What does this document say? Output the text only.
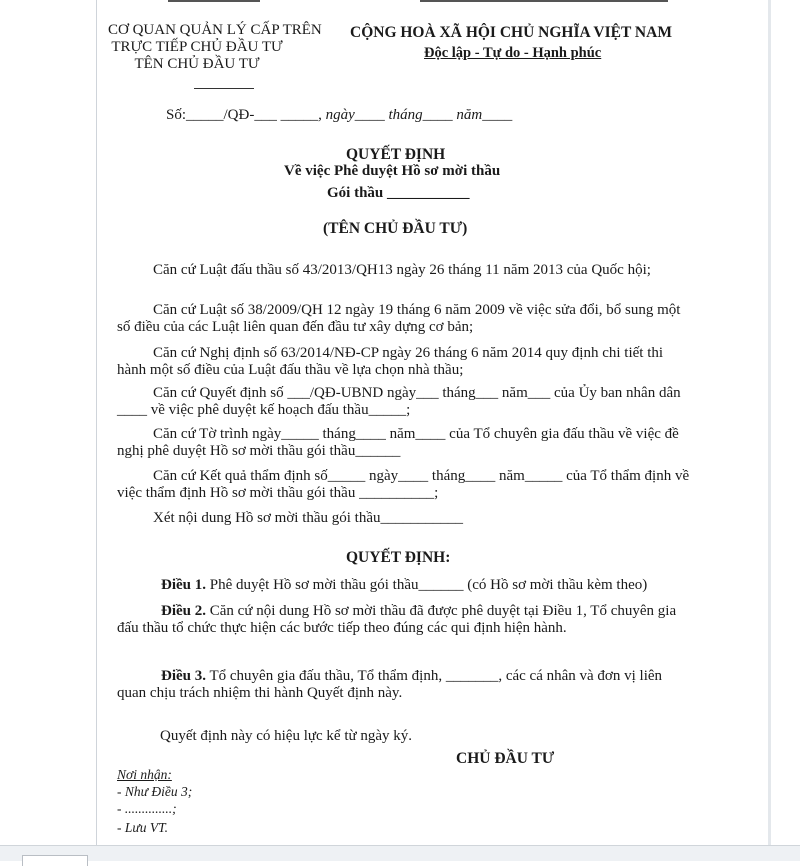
CƠ QUAN QUẢN LÝ CẤP TRÊN
TRỰC TIẾP CHỦ ĐẦU TƯ
TÊN CHỦ ĐẦU TƯ
CỘNG HOÀ XÃ HỘI CHỦ NGHĨA VIỆT NAM
Độc lập - Tự do - Hạnh phúc
Số:_____/QĐ-___ _____, ngày____ tháng____ năm____
QUYẾT ĐỊNH
Về việc Phê duyệt Hồ sơ mời thầu
Gói thầu ___________
(TÊN CHỦ ĐẦU TƯ)
Căn cứ Luật đấu thầu số 43/2013/QH13 ngày 26 tháng 11 năm 2013 của Quốc hội;
Căn cứ Luật số 38/2009/QH 12 ngày 19 tháng 6 năm 2009 về việc sửa đổi, bổ sung một số điều của các Luật liên quan đến đầu tư xây dựng cơ bản;
Căn cứ Nghị định số 63/2014/NĐ-CP ngày 26 tháng 6 năm 2014 quy định chi tiết thi hành một số điều của Luật đấu thầu về lựa chọn nhà thầu;
Căn cứ Quyết định số ___/QĐ-UBND ngày___ tháng___ năm___ của Ủy ban nhân dân ____ về việc phê duyệt kế hoạch đấu thầu_____;
Căn cứ Tờ trình ngày_____ tháng____ năm____ của Tổ chuyên gia đấu thầu về việc đề nghị phê duyệt Hồ sơ mời thầu gói thầu______
Căn cứ Kết quả thẩm định số_____ ngày____ tháng____ năm_____ của Tổ thẩm định về việc thẩm định Hồ sơ mời thầu gói thầu __________;
Xét nội dung Hồ sơ mời thầu gói thầu___________
QUYẾT ĐỊNH:
Điều 1. Phê duyệt Hồ sơ mời thầu gói thầu______ (có Hồ sơ mời thầu kèm theo)
Điều 2. Căn cứ nội dung Hồ sơ mời thầu đã được phê duyệt tại Điều 1, Tổ chuyên gia đấu thầu tổ chức thực hiện các bước tiếp theo đúng các qui định hiện hành.
Điều 3. Tổ chuyên gia đấu thầu, Tổ thẩm định, _______, các cá nhân và đơn vị liên quan chịu trách nhiệm thi hành Quyết định này.
Quyết định này có hiệu lực kể từ ngày ký.
CHỦ ĐẦU TƯ
Nơi nhận:
- Như Điều 3;
- ..............;
- Lưu VT.
